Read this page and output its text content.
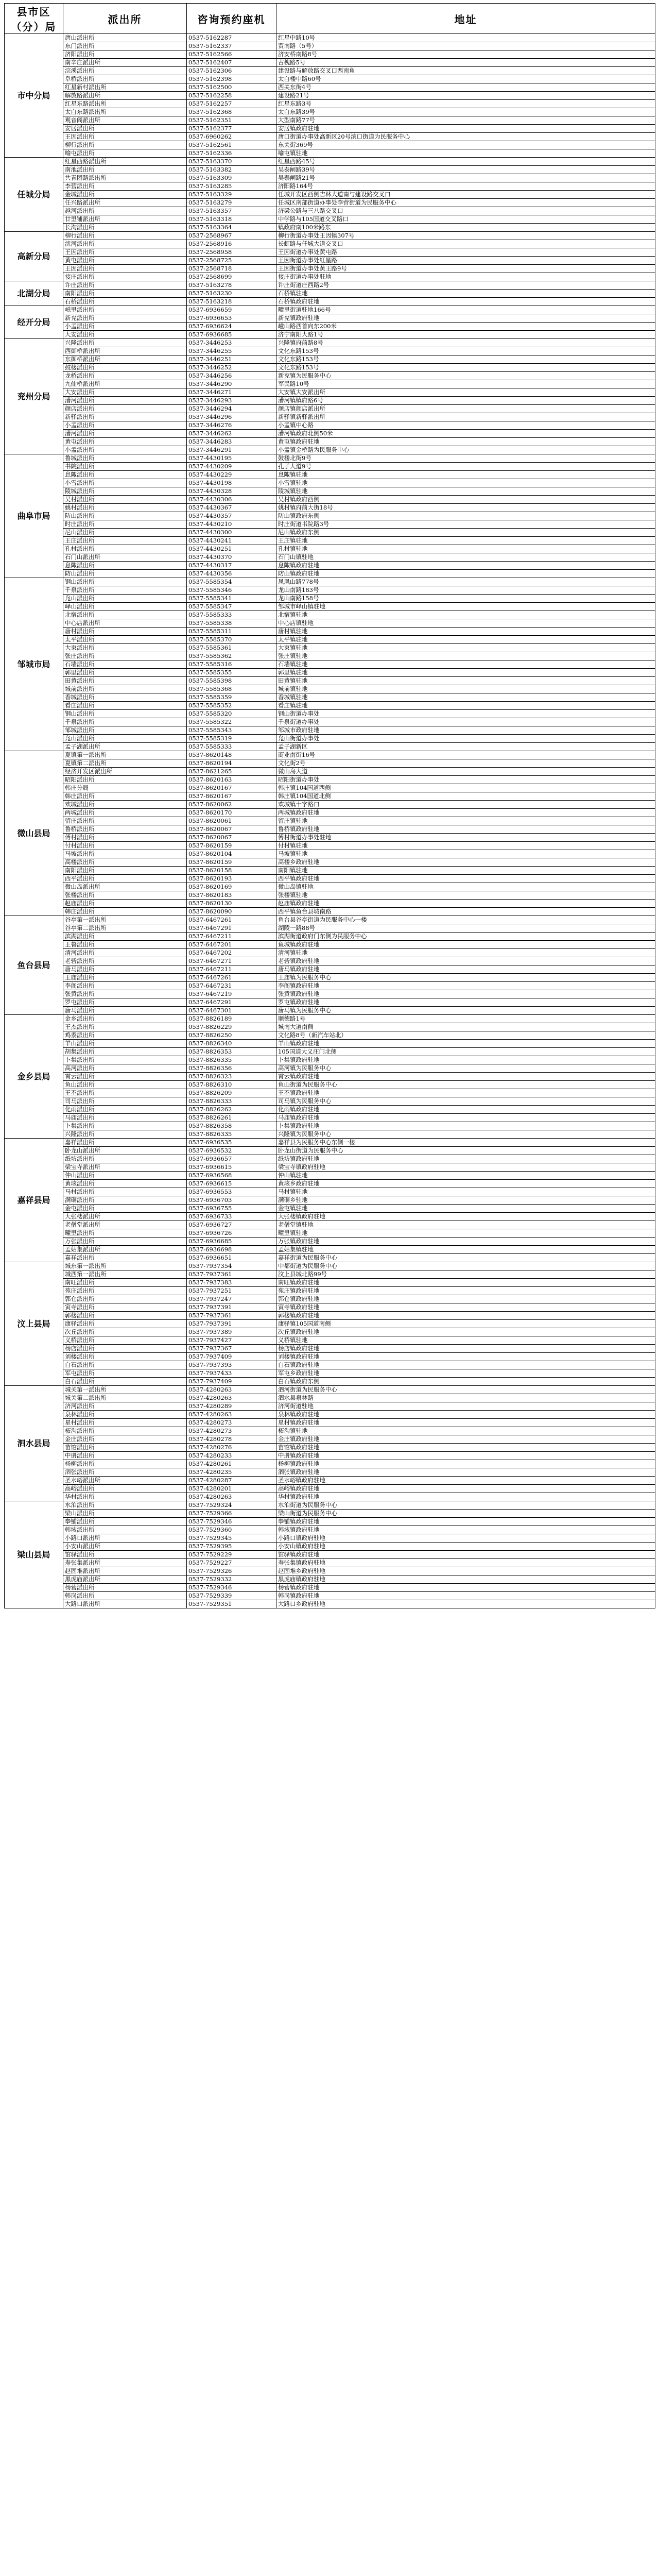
县市区（分）局	派出所	咨询预约座机	地址
市中分局	唐山派出所	0537-5162287	红星中路10号
	东门派出所	0537-5162337	贾南路（5号）
	济阳派出所	0537-5162566	济安桥南路8号
	南辛庄派出所	0537-5162407	古槐路5号
	浣溪派出所	0537-5162306	建设路与解放路交叉口西南角
	阜桥派出所	0537-5162398	太白楼中路60号
	红星新村派出所	0537-5162500	西关东街4号
	解放路派出所	0537-5162258	建设路21号
	红星东路派出所	0537-5162257	红星东路3号
	太白东路派出所	0537-5162368	太白东路39号
	观音阁派出所	0537-5162351	大型南路77号
	安居派出所	0537-5162377	安居镇政府驻地
	王因派出所	0537-6960262	唐口街道办事处高新区20号滨口街道为民服务中心
	柳行派出所	0537-5162561	东关街369号
	喻屯派出所	0537-5162336	喻屯镇驻地
任城分局	红星西路派出所	0537-5163370	红星西路45号
	南池派出所	0537-5163382	吴泰闸路39号
	共青团路派出所	0537-5163309	吴泰闸路21号
	李营派出所	0537-5163285	济阳路164号
	金城派出所	0537-5163329	任城开发区西侧吉林大道南与建设路交叉口
	任兴路派出所	0537-5163279	任城区南部街道办事处李营街道为民服务中心
	越河派出所	0537-5163357	济梁公路与三八路交叉口
	廿里铺派出所	0537-5163318	中学路与105国道交叉路口
	长沟派出所	0537-5163364	镇政府南100米路东
高新分局	柳行派出所	0537-2568967	柳行街道办事处王因镇307号
	洸河派出所	0537-2568916	长虹路与任城大道交叉口
	王因派出所	0537-2568958	王因街道办事处黄屯路
	黄屯派出所	0537-2568725	王因街道办事处红星路
	王因派出所	0537-2568718	王因街道办事处黄王路9号
	接庄派出所	0537-2568699	接庄街道办事处驻地
北湖分局	许庄派出所	0537-5163278	许庄街道庄西路2号
	南阳派出所	0537-5163230	石桥镇驻地
	石桥派出所	0537-5163218	石桥镇政府驻地
经开分局	嵫里派出所	0537-6936659	疃里街道驻地166号
	新兖派出所	0537-6936653	新兖镇政府驻地
	小孟派出所	0537-6936624	嵫山路西首向东200米
	大安派出所	0537-6936685	济宁南阳大路1号
兖州分局	兴隆派出所	0537-3446253	兴隆镇府前路8号
	西御桥派出所	0537-3446255	文化东路153号
	东御桥派出所	0537-3446251	文化东路153号
	鼓楼派出所	0537-3446252	文化东路153号
	龙桥派出所	0537-3446256	新兖镇为民服务中心
	九仙桥派出所	0537-3446290	军民路10号
	大安派出所	0537-3446271	大安镇大安派出所
	漕河派出所	0537-3446293	漕河镇镇府路6号
	颜店派出所	0537-3446294	颜店镇颜店派出所
	新驿派出所	0537-3446296	新驿镇新驿派出所
	小孟派出所	0537-3446276	小孟镇中心路
	漕河派出所	0537-3446262	漕河镇政府北侧50米
	黄屯派出所	0537-3446283	黄屯镇政府驻地
	小孟派出所	0537-3446291	小孟镇金桥路为民服务中心
曲阜市局	鲁城派出所	0537-4430195	鼓楼北街9号
	书院派出所	0537-4430209	孔子大道9号
	息陬派出所	0537-4430229	息陬镇驻地
	小雪派出所	0537-4430198	小雪镇驻地
	陵城派出所	0537-4430328	陵城镇驻地
	吴村派出所	0537-4430306	吴村镇政府西侧
	姚村派出所	0537-4430367	姚村镇府前大街18号
	防山派出所	0537-4430357	防山镇政府东侧
	时庄派出所	0537-4430210	时庄街道书院路3号
	尼山派出所	0537-4430300	尼山镇政府东侧
	王庄派出所	0537-4430241	王庄镇驻地
	孔村派出所	0537-4430251	孔村镇驻地
	石门山派出所	0537-4430370	石门山镇驻地
	息陬派出所	0537-4430317	息陬镇政府驻地
	防山派出所	0537-4430356	防山镇政府驻地
邹城市局	钢山派出所	0537-5585354	凤凰山路778号
	千泉派出所	0537-5585346	龙山南路183号
	凫山派出所	0537-5585341	龙山南路158号
	峄山派出所	0537-5585347	邹城市峄山镇驻地
	北宿派出所	0537-5585333	北宿镇驻地
	中心店派出所	0537-5585338	中心店镇驻地
	唐村派出所	0537-5585311	唐村镇驻地
	太平派出所	0537-5585370	太平镇驻地
	大束派出所	0537-5585361	大束镇驻地
	张庄派出所	0537-5585362	张庄镇驻地
	石墙派出所	0537-5585316	石墙镇驻地
	郭里派出所	0537-5585355	郭里镇驻地
	田黄派出所	0537-5585398	田黄镇驻地
	城前派出所	0537-5585368	城前镇驻地
	香城派出所	0537-5585359	香城镇驻地
	看庄派出所	0537-5585352	看庄镇驻地
	钢山派出所	0537-5585320	钢山街道办事处
	千泉派出所	0537-5585322	千泉街道办事处
	邹城派出所	0537-5585343	邹城市政府驻地
	凫山派出所	0537-5585319	凫山街道办事处
	孟子湖派出所	0537-5585333	孟子湖新区
微山县局	夏镇第一派出所	0537-8620148	商业南街16号
	夏镇第二派出所	0537-8620194	文化街2号
	经济开发区派出所	0537-8621265	微山岛大道
	昭阳派出所	0537-8620163	昭阳街道办事处
	韩庄分局	0537-8620167	韩庄镇104国道西侧
	韩庄派出所	0537-8620167	韩庄镇104国道北侧
	欢城派出所	0537-8620062	欢城镇十字路口
	两城派出所	0537-8620170	两城镇政府驻地
	留庄派出所	0537-8620061	留庄镇驻地
	鲁桥派出所	0537-8620067	鲁桥镇政府驻地
	傅村派出所	0537-8620067	傅村街道办事处驻地
	付村派出所	0537-8620159	付村镇驻地
	马坡派出所	0537-8620104	马坡镇驻地
	高楼派出所	0537-8620159	高楼乡政府驻地
	南阳派出所	0537-8620158	南阳镇驻地
	西平派出所	0537-8620193	西平镇政府驻地
	微山岛派出所	0537-8620169	微山岛镇驻地
	张楼派出所	0537-8620183	张楼镇驻地
	赵庙派出所	0537-8620130	赵庙镇政府驻地
	韩庄派出所	0537-8620090	西平镇鱼台县城南路
鱼台县局	谷亭第一派出所	0537-6467261	鱼台县谷亭街道为民服务中心一楼
	谷亭第二派出所	0537-6467291	湖陵一路88号
	滨湖派出所	0537-6467211	滨湖街道政府门东侧为民服务中心
	王鲁派出所	0537-6467201	鱼城镇政府驻地
	清河派出所	0537-6467202	清河镇驻地
	老砦派出所	0537-6467271	老砦镇政府驻地
	唐马派出所	0537-6467211	唐马镇政府驻地
	王庙派出所	0537-6467261	王庙镇为民服务中心
	李阁派出所	0537-6467231	李阁镇政府驻地
	张黄派出所	0537-6467219	张黄镇政府驻地
	罗屯派出所	0537-6467291	罗屯镇政府驻地
	唐马派出所	0537-6467301	唐马镇为民服务中心
金乡县局	金乡派出所	0537-8826189	顺德路1号
	王杰派出所	0537-8826229	城南大道南侧
	鸡黍派出所	0537-8826250	文化路8号（新汽车站北）
	羊山派出所	0537-8826340	羊山镇政府驻地
	胡集派出所	0537-8826353	105国道大义庄门北侧
	卜集派出所	0537-8826335	卜集镇政府驻地
	高河派出所	0537-8826356	高河镇为民服务中心
	霄云派出所	0537-8826323	霄云镇政府驻地
	鱼山派出所	0537-8826310	鱼山街道为民服务中心
	王丕派出所	0537-8826209	王丕镇政府驻地
	司马派出所	0537-8826333	司马镇为民服务中心
	化雨派出所	0537-8826262	化雨镇政府驻地
	马庙派出所	0537-8826261	马庙镇政府驻地
	卜集派出所	0537-8826358	卜集镇政府驻地
	兴隆派出所	0537-8826335	兴隆镇为民服务中心
嘉祥县局	嘉祥派出所	0537-6936535	嘉祥县为民服务中心东侧一楼
	卧龙山派出所	0537-6936532	卧龙山街道为民服务中心
	纸坊派出所	0537-6936657	纸坊镇政府驻地
	梁宝寺派出所	0537-6936615	梁宝寺镇政府驻地
	仲山派出所	0537-6936568	仲山镇驻地
	黄垓派出所	0537-6936615	黄垓乡政府驻地
	马村派出所	0537-6936553	马村镇驻地
	满硐派出所	0537-6936703	满硐乡驻地
	金屯派出所	0537-6936755	金屯镇驻地
	大张楼派出所	0537-6936733	大张楼镇政府驻地
	老僧堂派出所	0537-6936727	老僧堂镇驻地
	疃里派出所	0537-6936726	疃里镇驻地
	万张派出所	0537-6936685	万张镇政府驻地
	孟姑集派出所	0537-6936698	孟姑集镇驻地
	嘉祥派出所	0537-6936651	嘉祥街道为民服务中心
汶上县局	城东第一派出所	0537-7937354	中都街道为民服务中心
	城西第一派出所	0537-7937361	汶上县城北路99号
	南旺派出所	0537-7937383	南旺镇政府驻地
	苑庄派出所	0537-7937251	苑庄镇政府驻地
	郭仓派出所	0537-7937247	郭仓镇政府驻地
	寅寺派出所	0537-7937391	寅寺镇政府驻地
	郭楼派出所	0537-7937361	郭楼镇政府驻地
	康驿派出所	0537-7937391	康驿镇105国道南侧
	次丘派出所	0537-7937389	次丘镇政府驻地
	义桥派出所	0537-7937427	义桥镇驻地
	杨店派出所	0537-7937367	杨店镇政府驻地
	刘楼派出所	0537-7937409	刘楼镇政府驻地
	白石派出所	0537-7937393	白石镇政府驻地
	军屯派出所	0537-7937433	军屯乡政府驻地
	白石派出所	0537-7937409	白石镇政府东侧
泗水县局	城关第一派出所	0537-4280263	泗河街道为民服务中心
	城关第二派出所	0537-4280263	泗水县泉林路
	济河派出所	0537-4280289	济河街道驻地
	泉林派出所	0537-4280263	泉林镇政府驻地
	星村派出所	0537-4280273	星村镇政府驻地
	柘沟派出所	0537-4280273	柘沟镇驻地
	金庄派出所	0537-4280278	金庄镇政府驻地
	苗馆派出所	0537-4280276	苗馆镇政府驻地
	中册派出所	0537-4280233	中册镇政府驻地
	杨柳派出所	0537-4280261	杨柳镇政府驻地
	泗张派出所	0537-4280235	泗张镇政府驻地
	圣水峪派出所	0537-4280287	圣水峪镇政府驻地
	高峪派出所	0537-4280201	高峪镇政府驻地
	华村派出所	0537-4280263	华村镇政府驻地
梁山县局	水泊派出所	0537-7529324	水泊街道为民服务中心
	梁山派出所	0537-7529366	梁山街道为民服务中心
	拳铺派出所	0537-7529346	拳铺镇政府驻地
	韩垓派出所	0537-7529360	韩垓镇政府驻地
	小路口派出所	0537-7529345	小路口镇政府驻地
	小安山派出所	0537-7529395	小安山镇政府驻地
	馆驿派出所	0537-7529229	馆驿镇政府驻地
	寿张集派出所	0537-7529227	寿张集镇政府驻地
	赵固堆派出所	0537-7529326	赵固堆乡政府驻地
	黑虎庙派出所	0537-7529332	黑虎庙镇政府驻地
	杨营派出所	0537-7529346	杨营镇政府驻地
	韩岗派出所	0537-7529339	韩岗镇政府驻地
	大路口派出所	0537-7529351	大路口乡政府驻地
